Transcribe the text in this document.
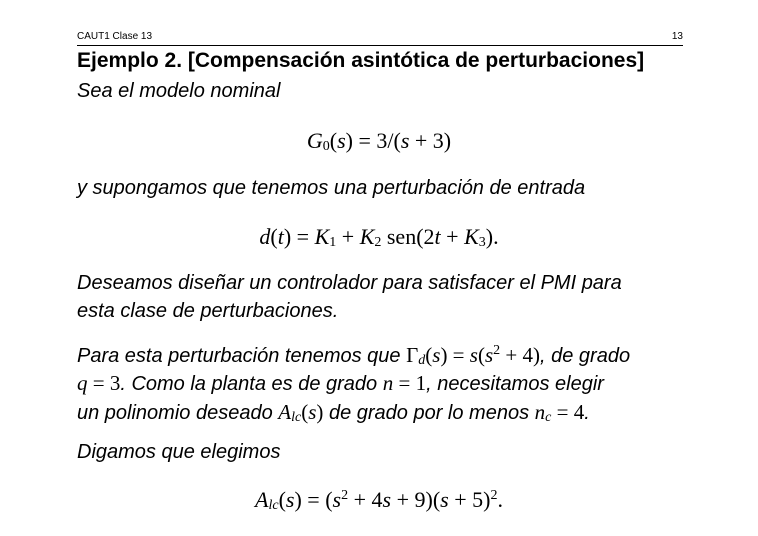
CAUT1 Clase 13	13
Ejemplo 2. [Compensación asintótica de perturbaciones]
Sea el modelo nominal
$G_0(s) = 3/(s + 3)$
y supongamos que tenemos una perturbación de entrada
$d(t) = K_1 + K_2$ $sen(2t + K_3)$.
Deseamos diseñar un controlador para satisfacer el PMI para
esta clase de perturbaciones.
Para esta perturbación tenemos que $\Gamma_d(s) = s(s^2 + 4)$, de grado
q = 3. Como la planta es de grado n = 1, necesitamos elegir
un polinomio deseado $A_{lc}(s)$ de grado por lo menos $n_c = 4$.
Digamos que elegimos
$A_{lc}(s) = (s^2 + 4s + 9)(s + 5)^2$.
